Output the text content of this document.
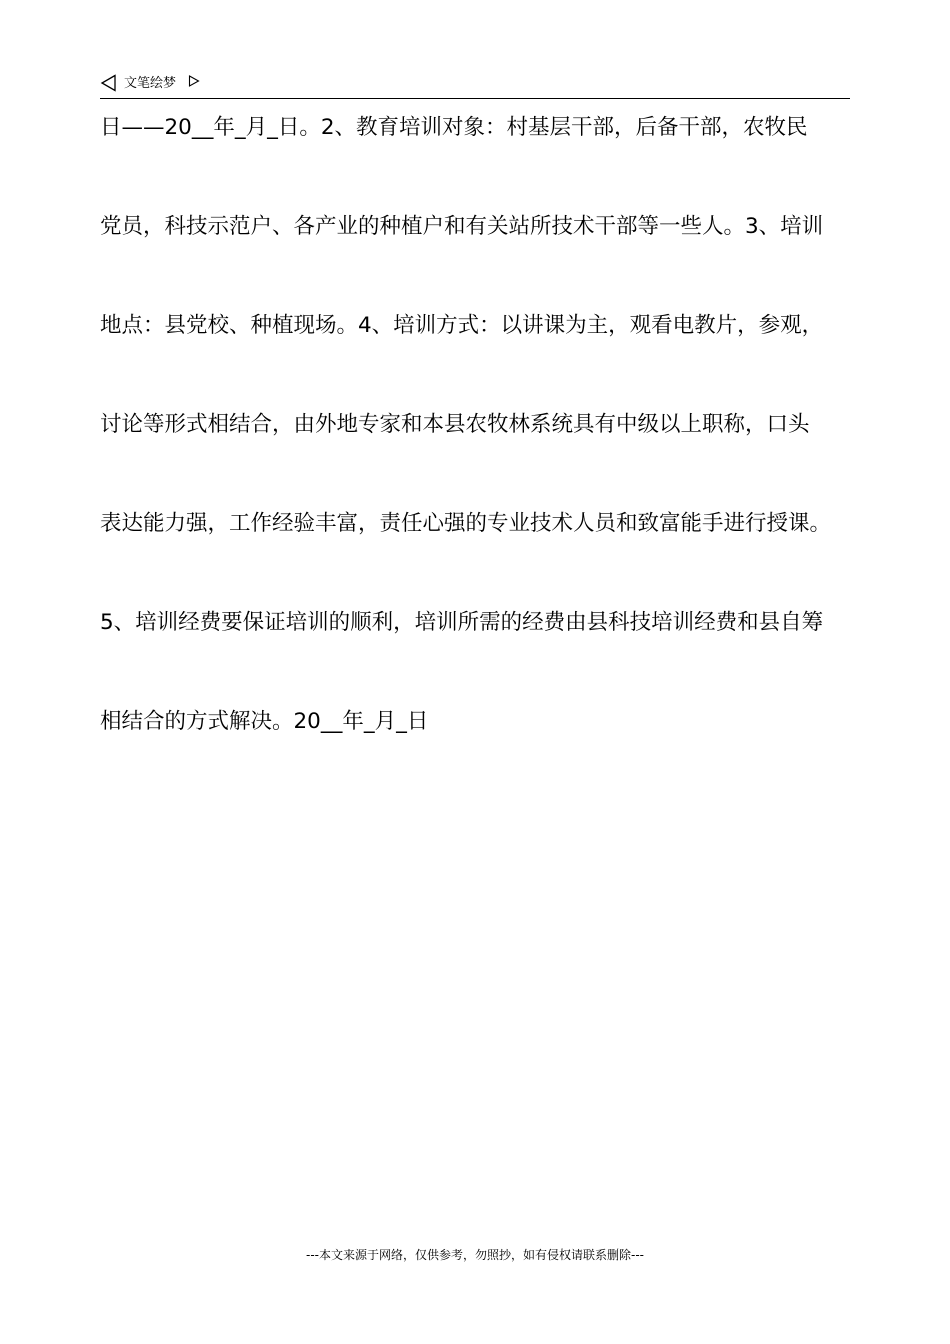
文笔绘梦
日——20__年_月_日。2、教育培训对象：村基层干部，后备干部，农牧民
党员，科技示范户、各产业的种植户和有关站所技术干部等一些人。3、培训
地点：县党校、种植现场。4、培训方式：以讲课为主，观看电教片，参观，
讨论等形式相结合，由外地专家和本县农牧林系统具有中级以上职称，口头
表达能力强，工作经验丰富，责任心强的专业技术人员和致富能手进行授课。
5、培训经费要保证培训的顺利，培训所需的经费由县科技培训经费和县自筹
相结合的方式解决。20__年_月_日
---本文来源于网络，仅供参考，勿照抄，如有侵权请联系删除---
